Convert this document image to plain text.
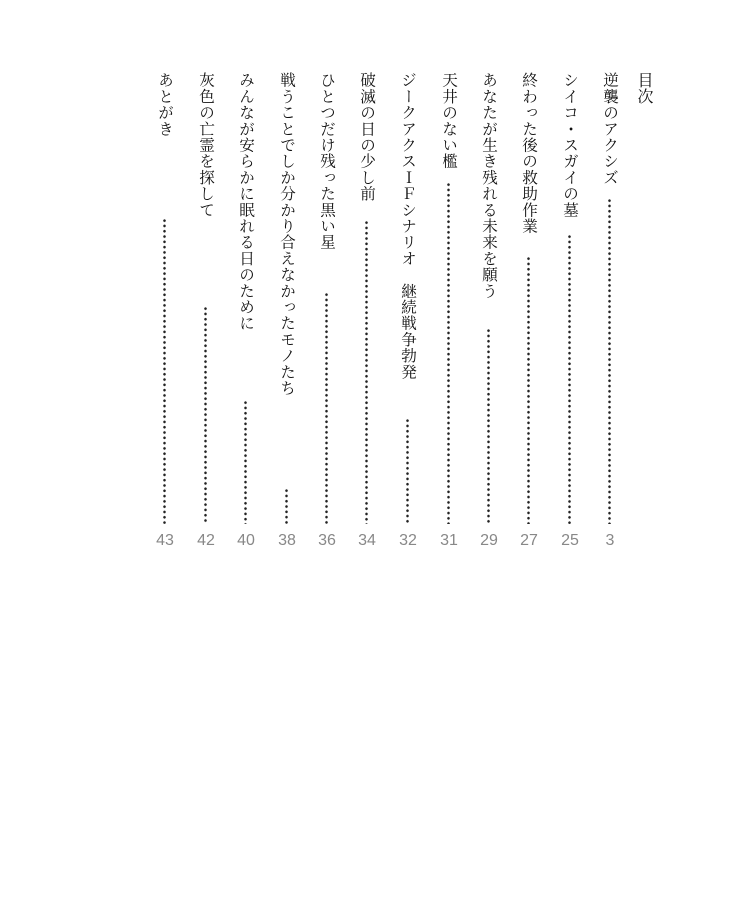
目次
逆襲のアクシズ
3
シイコ・スガイの墓
25
終わった後の救助作業
27
あなたが生き残れる未来を願う
29
天井のない檻
31
ジークアクスＩＦシナリオ　継続戦争勃発
32
破滅の日の少し前
34
ひとつだけ残った黒い星
36
戦うことでしか分かり合えなかったモノたち
38
みんなが安らかに眠れる日のために
40
灰色の亡霊を探して
42
あとがき
43
